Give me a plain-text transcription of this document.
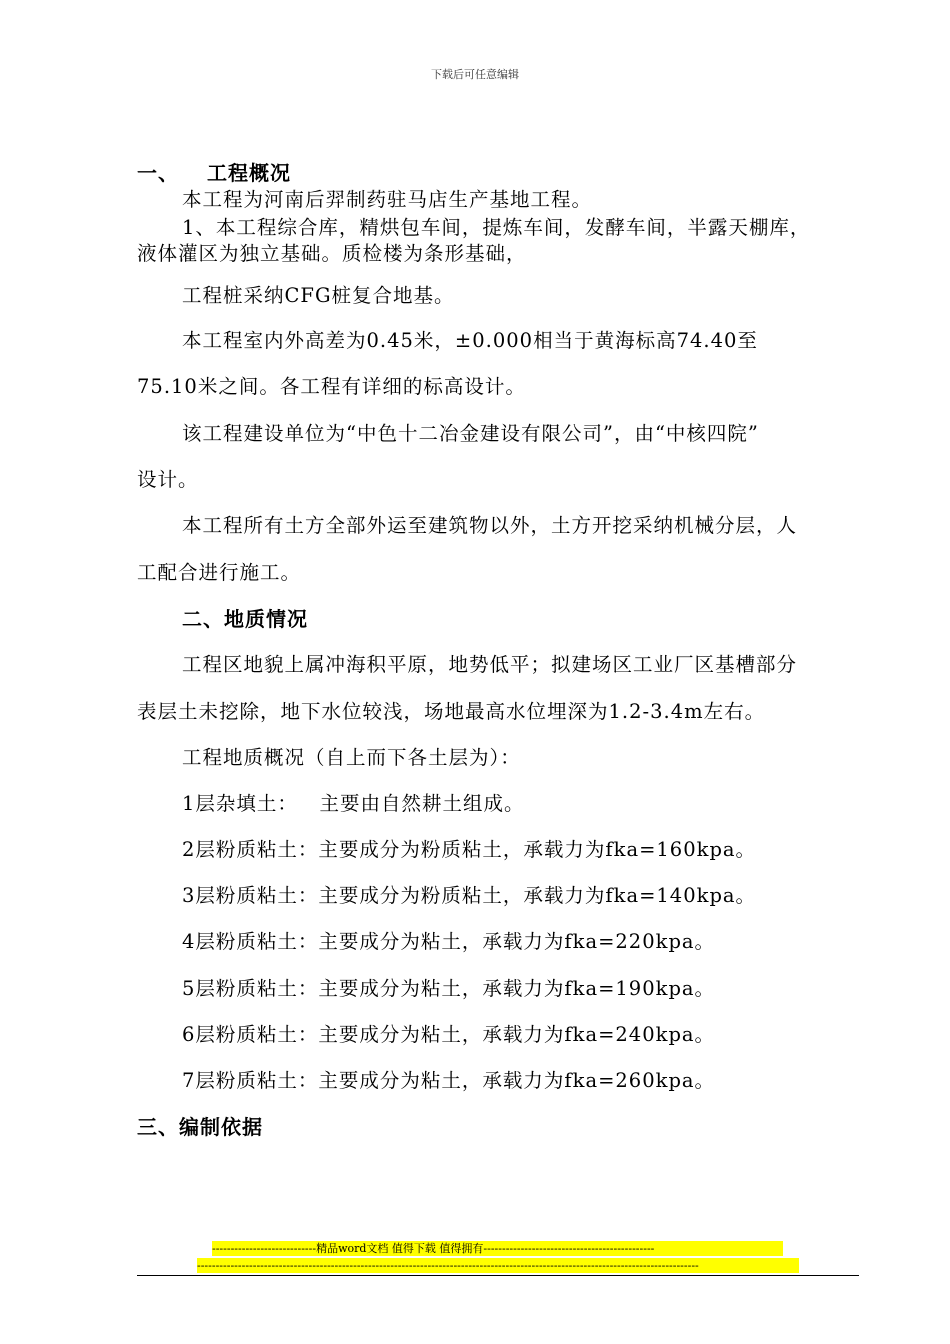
下载后可任意编辑
一、 工程概况
本工程为河南后羿制药驻马店生产基地工程。
1、本工程综合库，精烘包车间，提炼车间，发酵车间，半露天棚库，
液体灌区为独立基础。质检楼为条形基础，
工程桩采纳CFG桩复合地基。
本工程室内外高差为0.45米，±0.000相当于黄海标高74.40至
75.10米之间。各工程有详细的标高设计。
该工程建设单位为“中色十二冶金建设有限公司”，由“中核四院”
设计。
本工程所有土方全部外运至建筑物以外，土方开挖采纳机械分层，人
工配合进行施工。
二、地质情况
工程区地貌上属冲海积平原，地势低平；拟建场区工业厂区基槽部分
表层土未挖除，地下水位较浅，场地最高水位埋深为1.2-3.4m左右。
工程地质概况（自上而下各土层为）：
1层杂填土：   主要由自然耕土组成。
2层粉质粘土：主要成分为粉质粘土，承载力为fka=160kpa。
3层粉质粘土：主要成分为粉质粘土，承载力为fka=140kpa。
4层粉质粘土：主要成分为粘土，承载力为fka=220kpa。
5层粉质粘土：主要成分为粘土，承载力为fka=190kpa。
6层粉质粘土：主要成分为粘土，承载力为fka=240kpa。
7层粉质粘土：主要成分为粘土，承载力为fka=260kpa。
三、编制依据
----------------------------精品word文档 值得下载 值得拥有----------------------------------------------
---------------------------------------------------------------------------------------------------------------------------------------
